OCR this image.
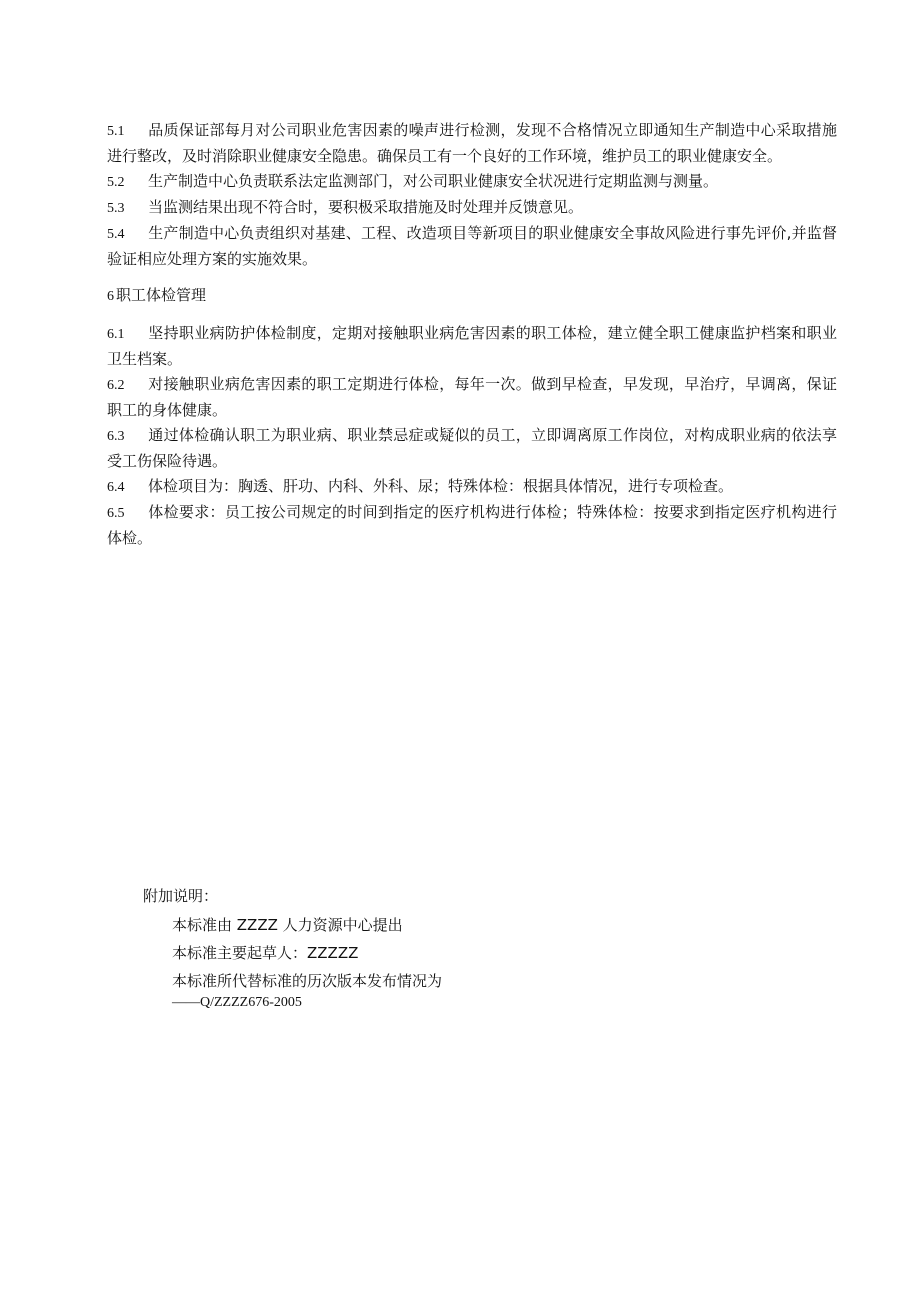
5.1 品质保证部每月对公司职业危害因素的噪声进行检测，发现不合格情况立即通知生产制造中心采取措施进行整改，及时消除职业健康安全隐患。确保员工有一个良好的工作环境，维护员工的职业健康安全。

5.2 生产制造中心负责联系法定监测部门，对公司职业健康安全状况进行定期监测与测量。

5.3 当监测结果出现不符合时，要积极采取措施及时处理并反馈意见。

5.4 生产制造中心负责组织对基建、工程、改造项目等新项目的职业健康安全事故风险进行事先评价,并监督验证相应处理方案的实施效果。

6 职工体检管理

6.1 坚持职业病防护体检制度，定期对接触职业病危害因素的职工体检，建立健全职工健康监护档案和职业卫生档案。

6.2 对接触职业病危害因素的职工定期进行体检，每年一次。做到早检查，早发现，早治疗，早调离，保证职工的身体健康。

6.3 通过体检确认职工为职业病、职业禁忌症或疑似的员工，立即调离原工作岗位，对构成职业病的依法享受工伤保险待遇。

6.4 体检项目为：胸透、肝功、内科、外科、尿；特殊体检：根据具体情况，进行专项检查。

6.5 体检要求：员工按公司规定的时间到指定的医疗机构进行体检；特殊体检：按要求到指定医疗机构进行体检。

附加说明：
本标准由 ZZZZ 人力资源中心提出
本标准主要起草人：ZZZZZ
本标准所代替标准的历次版本发布情况为
——Q/ZZZZ676-2005
